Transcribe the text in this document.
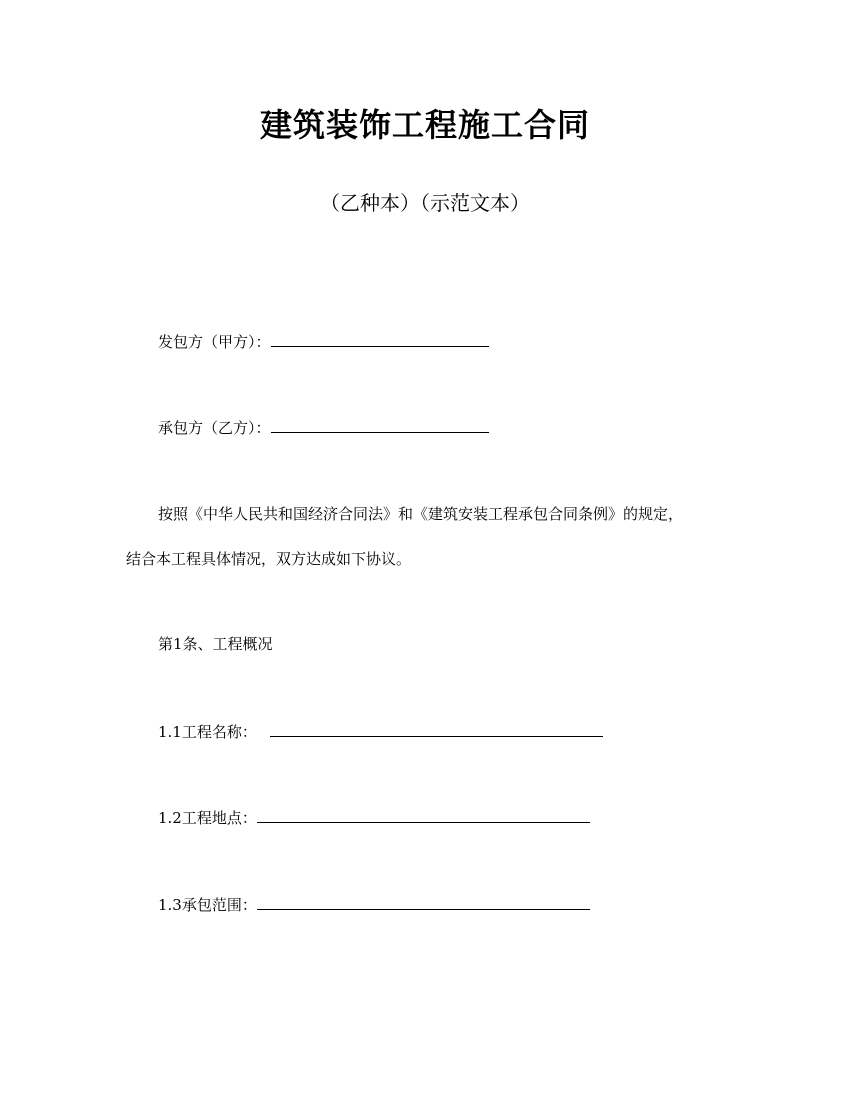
建筑装饰工程施工合同
（乙种本）（示范文本）
发包方（甲方）：
承包方（乙方）：
按照《中华人民共和国经济合同法》和《建筑安装工程承包合同条例》的规定，
结合本工程具体情况，双方达成如下协议。
第1条、工程概况
1.1工程名称：
1.2工程地点：
1.3承包范围：
